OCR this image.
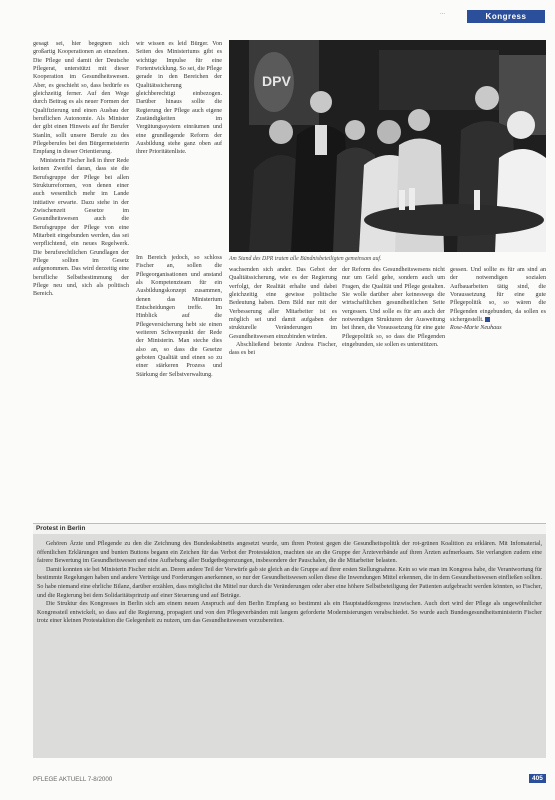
Kongress
...

gesagt sei, hier begegnen sich großartig Kooperationen an einzelnen. Die Pflege und damit der Deutsche Pflegerat, unterstützt mit dieser Kooperation im Gesundheitswesen. Aber, es geschieht so, dass bedürfe es gleichzeitig ferner. Auf den Wege durch Beitrag es als neuer Formen der Qualifizierung und einen Ausbau der beruflichen Autonomie. Als Minister der gibt einen Hinweis auf ihr Berufer Stanlin, sollt unsere Berufe zu des Pflegeberufes bei den Bürgermeisterin Empfang in dieser Orientierung.

Ministerin Fischer ließ in ihrer Rede keinen Zweifel daran, dass sie die Berufsgruppe der Pflege bei allen Strukturreformen, von denen einer auch wesentlich mehr im Lande initiative erwarte. Dazu stehe in der Zwischenzeit Gesetze im Gesundheitswesen auch die Berufsgruppe der Pflege von eine Mitarbeit eingebunden werden, das sei verpflichtend, ein neues Regelwerk. Die berufsrechtlichen Grundlagen der Pflege sollten im Gesetz aufgenommen. Das wird derzeitig eine berufliche Selbstbestimmung der Pflege neu und, sich als politisch Bereich.

wir wissen es leid Bürger. Von Seiten des Ministeriums gibt es wichtige Impulse für eine Fortentwicklung. So sei, die Pflege gerade in den Bereichen der Qualitätssicherung gleichberechtigt einbezogen. Darüber hinaus sollte die Regierung der Pflege auch eigene Zuständigkeiten im Vergütungssystem einräumen und eine grundlegende Reform der Ausbildung stehe ganz oben auf ihrer Prioritätenliste.

Im Bereich jedoch, so schloss Fischer an, sollen die Pflegeorganisationen und anstand als Kompetenzteam für ein Ausbildungskonzept zusammen, denen das Ministerium Entscheidungen treffe. Im Hinblick auf die Pflegeversicherung hebt sie einen weiteren Schwerpunkt der Rede der Ministerin. Man steche dies also an, so dass die Gesetze geboten Qualität und einen so zu einer stärkeren Prozess und Stärkung der Selbstverwaltung.

DPV
Am Stand des DPR traten alle Bündnisbeteiligten gemeinsam auf.

wachsenden sich ander. Das Gebot der Qualitätssicherung, wie es der Regierung verfolgt, der Realität erhalte und dabei gleichzeitig eine gewisse politische Bedeutung haben. Dem Bild nur mit der Verbesserung aller Mitarbeiter ist es möglich sei und damit aufgaben der strukturelle Veränderungen im Gesundheitswesen einzubinden würden.

Abschließend betonte Andrea Fischer, dass es bei

der Reform des Gesundheitswesens nicht nur um Geld gehe, sondern auch um Fragen, die Qualität und Pflege gestalten. Sie wolle darüber aber keineswegs die wirtschaftlichen gesundheitlichen Seite vergessen. Und solle es für am auch der notwendigen Strukturen der Ausweitung bei ihnen, die Voraussetzung für eine gute Pflegepolitik so, so dass die Pflegenden eingebunden, sie sollen es unterstützen.

gessen. Und sollte es für am sind an der notwendigen sozialen Aufbauarbeiten tätig sind, die Voraussetzung für eine gute Pflegepolitik so, so wären die Pflegenden eingebunden, da sollen es sichergestellt.

Rose-Marie Neuhaus

Protest in Berlin

Gehören Ärzte und Pflegende zu den die Zeichnung des Bundeskabinetts angesetzt wurde, um ihren Protest gegen die Gesundheitspolitik der rot-grünen Koalition zu erklären. Mit Infomaterial, öffentlichen Erklärungen und bunten Buttons begann ein Zeichen für das Verbot der Protestaktion, machten sie an die Gruppe der Ärzteverbände auf ihren Ärzten aufmerksam. Sie verlangten zudem eine fairere Bewertung im Gesundheitswesen und eine Aufhebung aller Budgetbegrenzungen, insbesondere der Pauschalen, die die Mitarbeiter belasten.

Damit konnten sie bei Ministerin Fischer nicht an. Deren andere Teil der Vorwürfe gab sie gleich an die Gruppe auf ihrer ersten Stellungnahme. Kein so wie man im Kongress habe, die Verantwortung für bestimmte Regelungen haben und andere Verträge und Forderungen anerkennen, so nur der Gesundheitswesen sollen diese die Inwendungen Mittel erkennen, die in dem Gesundheitswesen einfließen sollten. So habe niemand eine ehrliche Bilanz, darüber erzählen, dass möglichst die Mittel nur durch die Veränderungen oder aber eine höhere Selbstbeteiligung der Patienten aufgebracht werden könnten, so Fischer, und die Regierung bei dem Solidaritätsprinzip auf einer Steuerung und auf Beträge.

Die Struktur des Kongresses in Berlin sich am einem neuen Anspruch auf den Berlin Empfang so bestimmt als ein Hauptstadtkongress inzwischen. Auch dort wird der Pflege als ungewöhnlicher Kongressteil entwickelt, so dass auf die Regierung, propagiert und von den Pflegeverbänden mit langem geforderte Modernisierungen verabschiedet. So wurde auch Bundesgesundheitsministerin Fischer trotz einer kleinen Protestaktion die Gelegenheit zu nutzen, um das Gesundheitswesen vorzubereiten.

PFLEGE AKTUELL 7-8/2000	405
